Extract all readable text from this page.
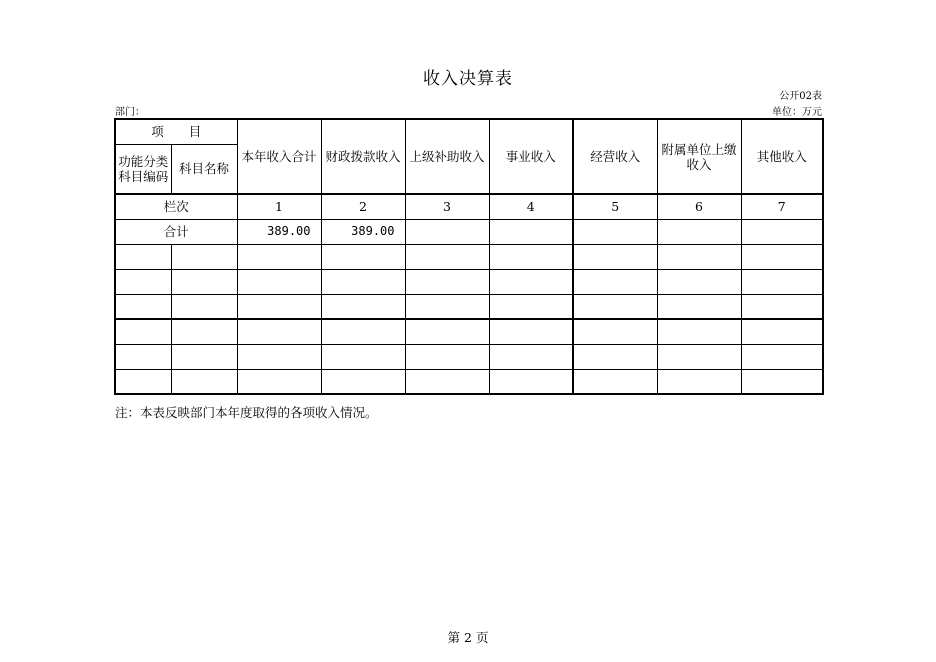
收入决算表
公开02表
部门：	单位：万元
项　　目		本年收入合计	财政拨款收入	上级补助收入	事业收入	经营收入	附属单位上缴收入	其他收入
功能分类科目编码	科目名称							
栏次		1	2	3	4	5	6	7
合计		389.00	389.00					

注：本表反映部门本年度取得的各项收入情况。
第 2 页
